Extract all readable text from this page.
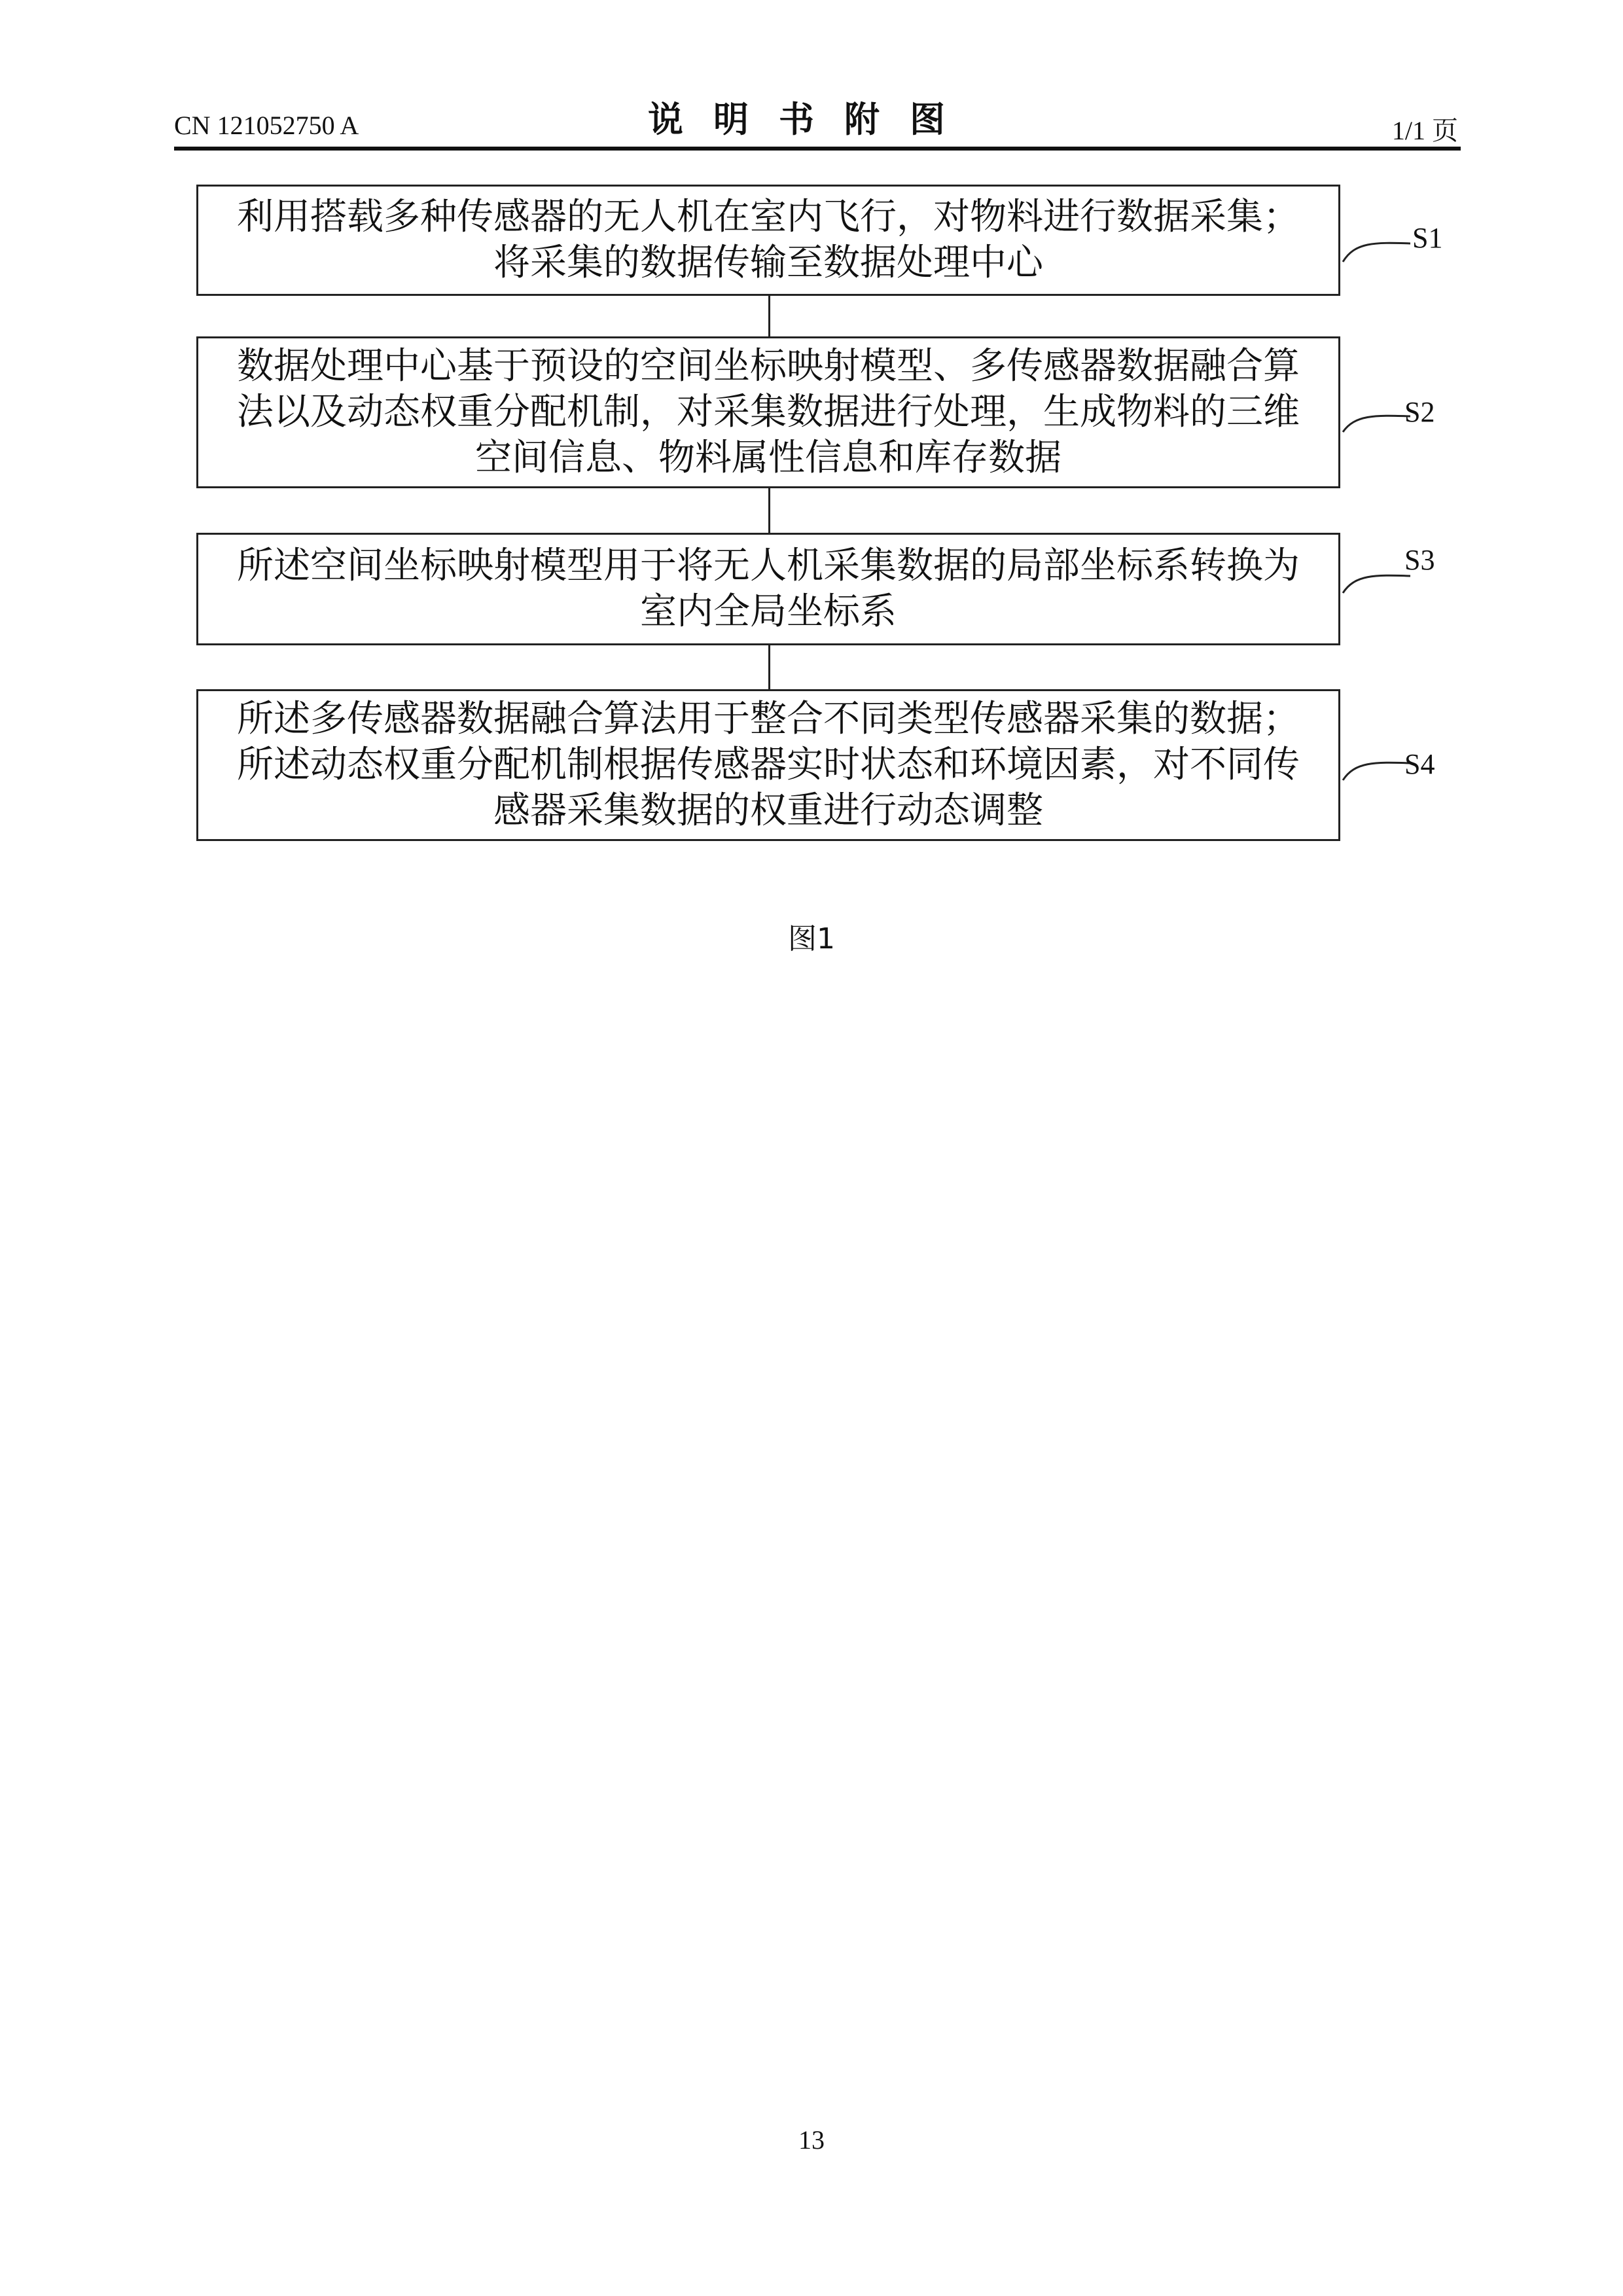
CN 121052750 A	说明书附图	1/1 页
利用搭载多种传感器的无人机在室内飞行，对物料进行数据采集；
将采集的数据传输至数据处理中心
数据处理中心基于预设的空间坐标映射模型、多传感器数据融合算
法以及动态权重分配机制，对采集数据进行处理，生成物料的三维
空间信息、物料属性信息和库存数据
所述空间坐标映射模型用于将无人机采集数据的局部坐标系转换为
室内全局坐标系
所述多传感器数据融合算法用于整合不同类型传感器采集的数据；
所述动态权重分配机制根据传感器实时状态和环境因素，对不同传
感器采集数据的权重进行动态调整
S1
S2
S3
S4
图1
13
